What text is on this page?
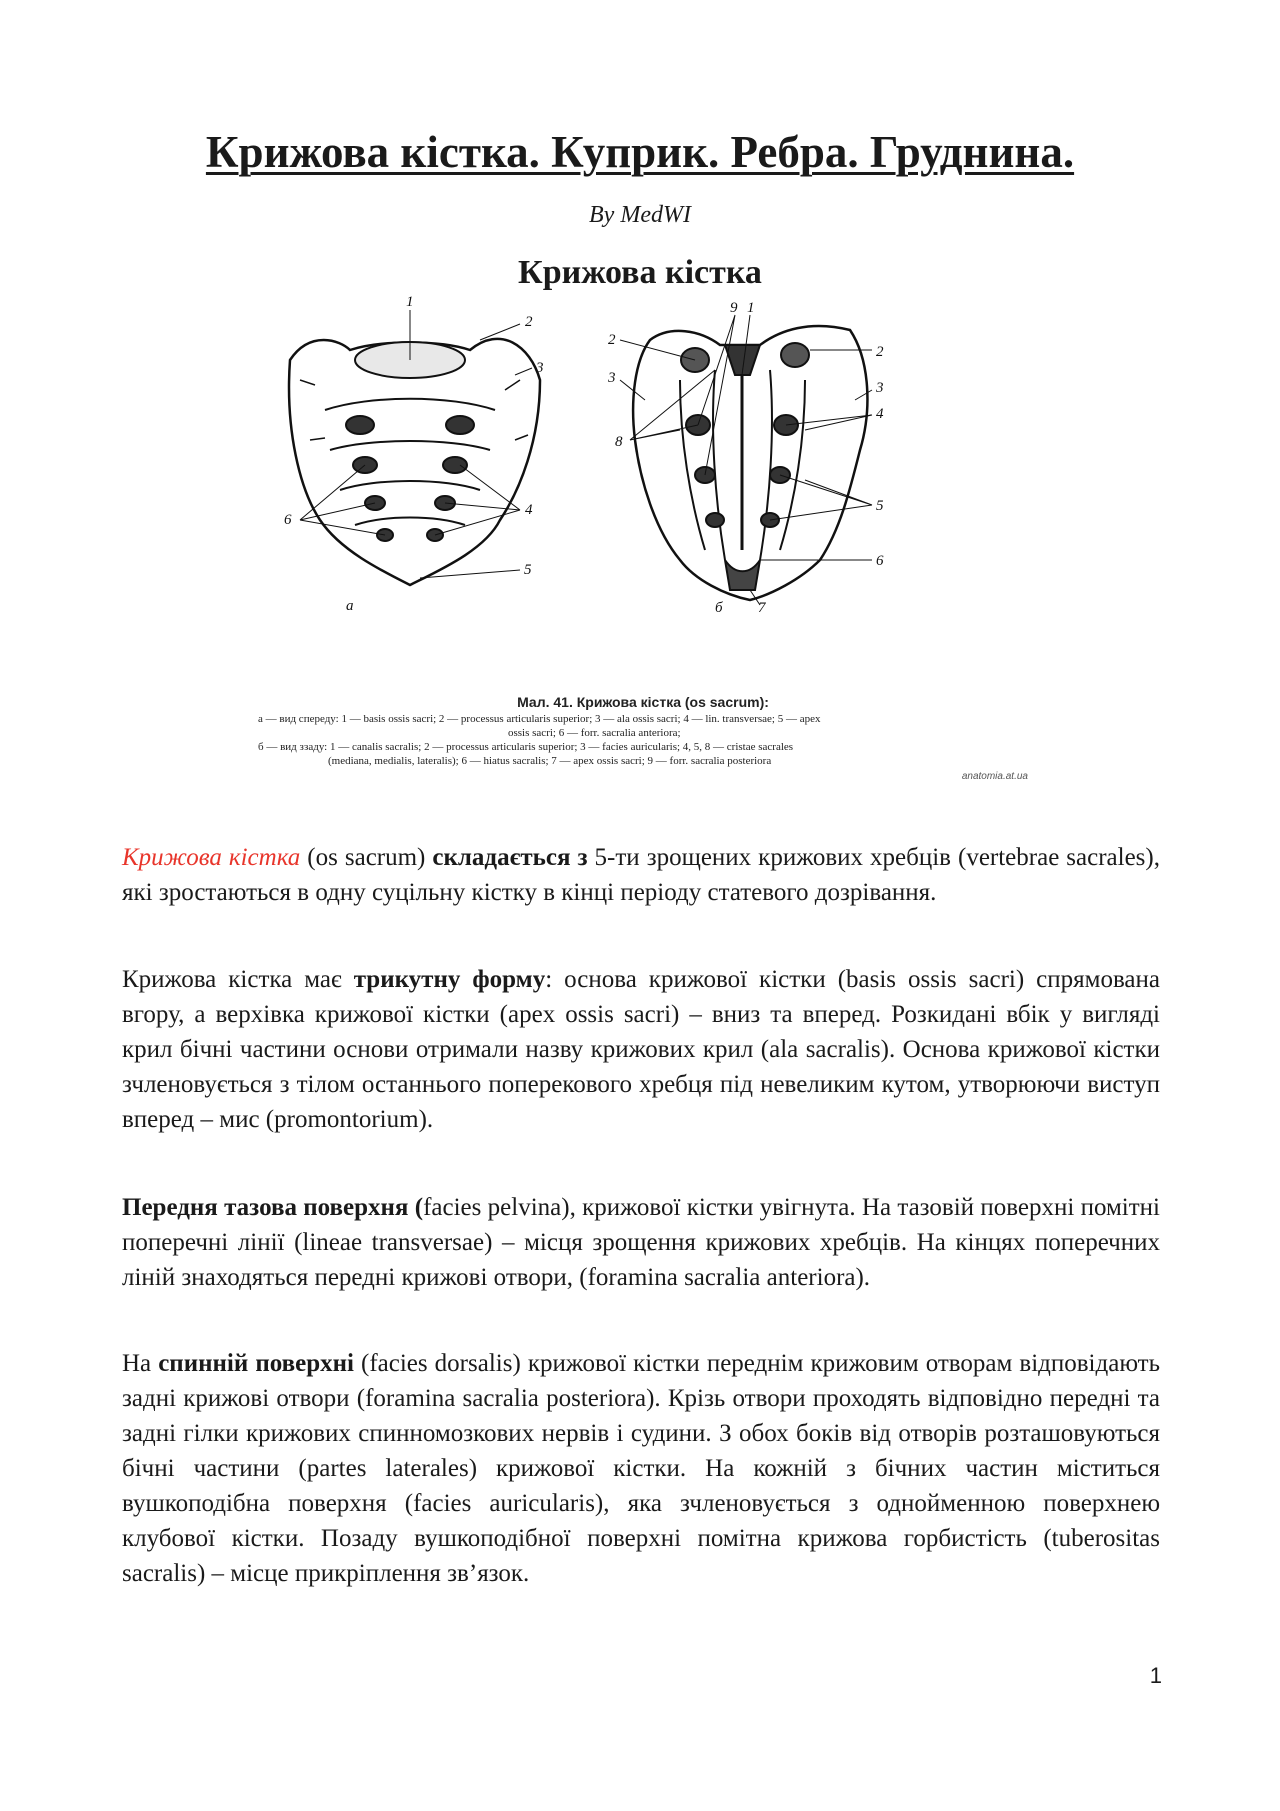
Крижова кістка. Куприк. Ребра. Груднина.

By MedWI

Крижова кістка
1
2
3
4
5
6
а
9 1
2
2
3
3
4
8
5
6
7
б

Мал. 41. Крижова кістка (os sacrum):

а — вид спереду: 1 — basis ossis sacri; 2 — processus articularis superior; 3 — ala ossis sacri; 4 — lin. transversae; 5 — apex

ossis sacri; 6 — forr. sacralia anteriora;

б — вид ззаду: 1 — canalis sacralis; 2 — processus articularis superior; 3 — facies auricularis; 4, 5, 8 — cristae sacrales

(mediana, medialis, lateralis); 6 — hiatus sacralis; 7 — apex ossis sacri; 9 — forr. sacralia posteriora

anatomia.at.ua

Крижова кістка (os sacrum) складається з 5-ти зрощених крижових хребців (vertebrae sacrales), які зростаються в одну суцільну кістку в кінці періоду статевого дозрівання.

Крижова кістка має трикутну форму: основа крижової кістки (basis ossis sacri) спрямована вгору, а верхівка крижової кістки (apex ossis sacri) – вниз та вперед. Розкидані вбік у вигляді крил бічні частини основи отримали назву крижових крил (ala sacralis). Основа крижової кістки зчленовується з тілом останнього поперекового хребця під невеликим кутом, утворюючи виступ вперед – мис (promontorium).

Передня тазова поверхня (facies pelvina), крижової кістки увігнута. На тазовій поверхні помітні поперечні лінії (lineae transversae) – місця зрощення крижових хребців. На кінцях поперечних ліній знаходяться передні крижові отвори, (foramina sacralia anteriora).

На спинній поверхні (facies dorsalis) крижової кістки переднім крижовим отворам відповідають задні крижові отвори (foramina sacralia posteriora). Крізь отвори проходять відповідно передні та задні гілки крижових спинномозкових нервів і судини. З обох боків від отворів розташовуються бічні частини (partes laterales) крижової кістки. На кожній з бічних частин міститься вушкоподібна поверхня (facies auricularis), яка зчленовується з однойменною поверхнею клубової кістки. Позаду вушкоподібної поверхні помітна крижова горбистість (tuberositas sacralis) – місце прикріплення зв’язок.

1
